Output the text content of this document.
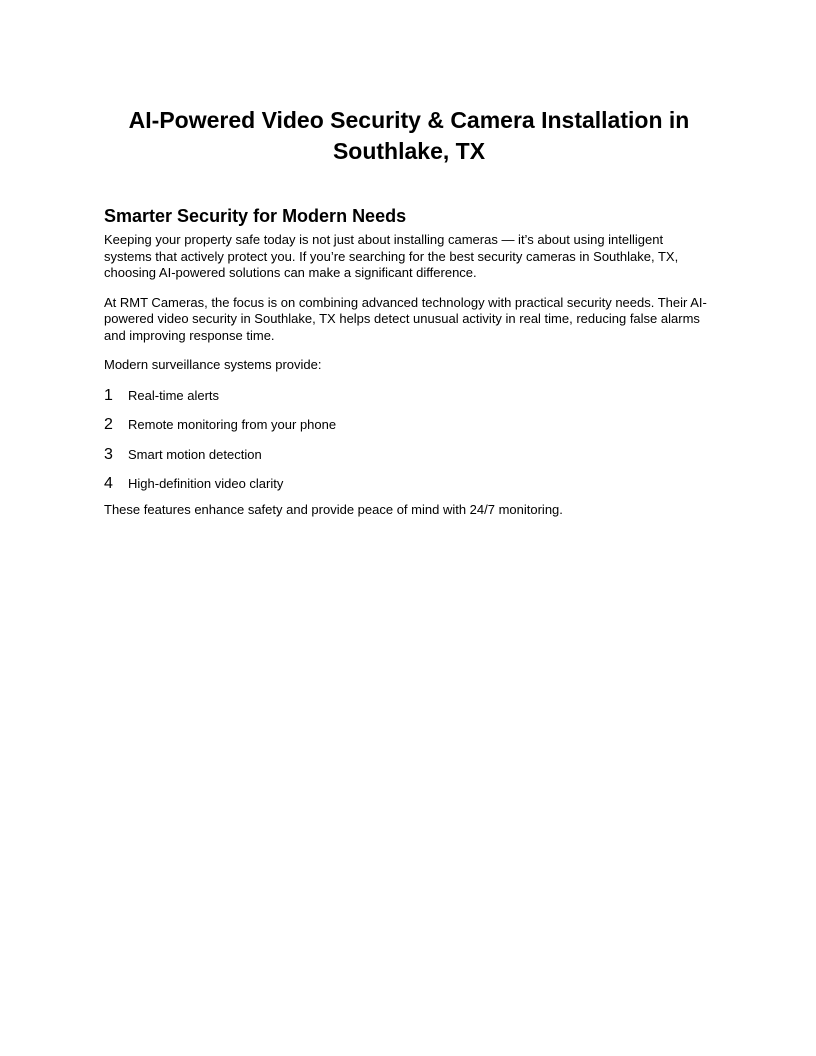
AI-Powered Video Security & Camera Installation in Southlake, TX
Smarter Security for Modern Needs

Keeping your property safe today is not just about installing cameras — it’s about using intelligent systems that actively protect you. If you’re searching for the best security cameras in Southlake, TX, choosing AI-powered solutions can make a significant difference.

At RMT Cameras, the focus is on combining advanced technology with practical security needs. Their AI-powered video security in Southlake, TX helps detect unusual activity in real time, reducing false alarms and improving response time.

Modern surveillance systems provide:

1	Real-time alerts
2	Remote monitoring from your phone
3	Smart motion detection
4	High-definition video clarity

These features enhance safety and provide peace of mind with 24/7 monitoring.
